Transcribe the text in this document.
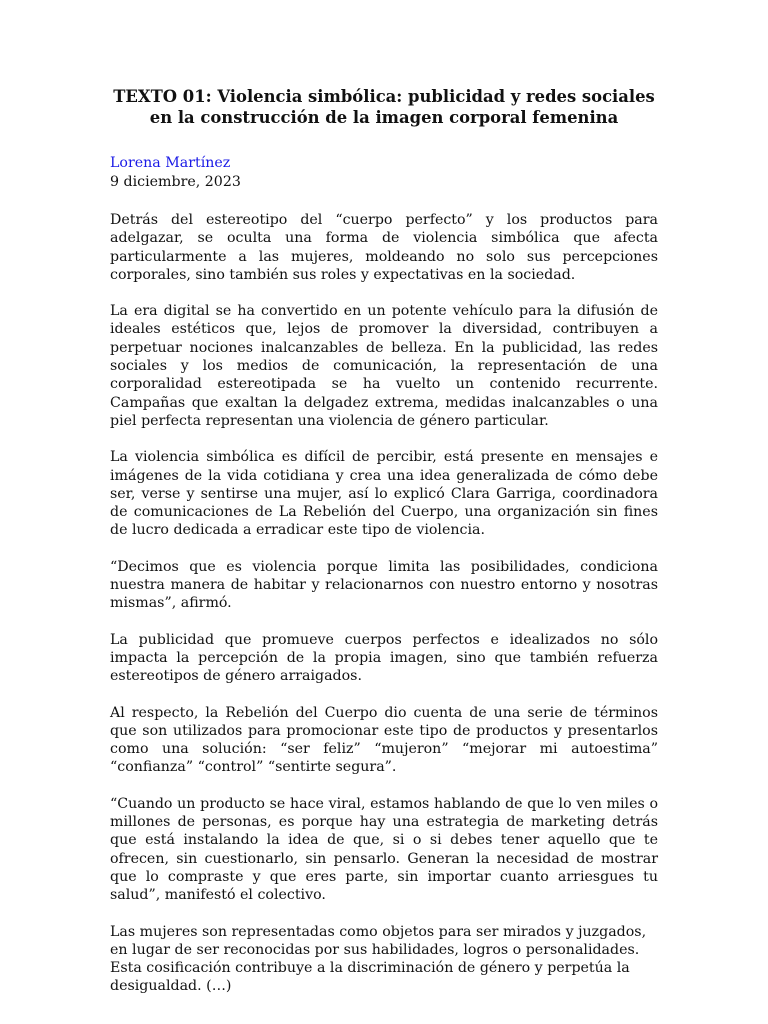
TEXTO 01: Violencia simbólica: publicidad y redes sociales en la construcción de la imagen corporal femenina

Lorena Martínez

9 diciembre, 2023

Detrás del estereotipo del “cuerpo perfecto” y los productos para adelgazar, se oculta una forma de violencia simbólica que afecta particularmente a las mujeres, moldeando no solo sus percepciones corporales, sino también sus roles y expectativas en la sociedad.

La era digital se ha convertido en un potente vehículo para la difusión de ideales estéticos que, lejos de promover la diversidad, contribuyen a perpetuar nociones inalcanzables de belleza. En la publicidad, las redes sociales y los medios de comunicación, la representación de una corporalidad estereotipada se ha vuelto un contenido recurrente. Campañas que exaltan la delgadez extrema, medidas inalcanzables o una piel perfecta representan una violencia de género particular.

La violencia simbólica es difícil de percibir, está presente en mensajes e imágenes de la vida cotidiana y crea una idea generalizada de cómo debe ser, verse y sentirse una mujer, así lo explicó Clara Garriga, coordinadora de comunicaciones de La Rebelión del Cuerpo, una organización sin fines de lucro dedicada a erradicar este tipo de violencia.

“Decimos que es violencia porque limita las posibilidades, condiciona nuestra manera de habitar y relacionarnos con nuestro entorno y nosotras mismas”, afirmó.

La publicidad que promueve cuerpos perfectos e idealizados no sólo impacta la percepción de la propia imagen, sino que también refuerza estereotipos de género arraigados.

Al respecto, la Rebelión del Cuerpo dio cuenta de una serie de términos que son utilizados para promocionar este tipo de productos y presentarlos como una solución: “ser feliz” “mujeron” “mejorar mi autoestima” “confianza” “control” “sentirte segura”.

“Cuando un producto se hace viral, estamos hablando de que lo ven miles o millones de personas, es porque hay una estrategia de marketing detrás que está instalando la idea de que, si o si debes tener aquello que te ofrecen, sin cuestionarlo, sin pensarlo. Generan la necesidad de mostrar que lo compraste y que eres parte, sin importar cuanto arriesgues tu salud”, manifestó el colectivo.

Las mujeres son representadas como objetos para ser mirados y juzgados, en lugar de ser reconocidas por sus habilidades, logros o personalidades. Esta cosificación contribuye a la discriminación de género y perpetúa la desigualdad. (…)
